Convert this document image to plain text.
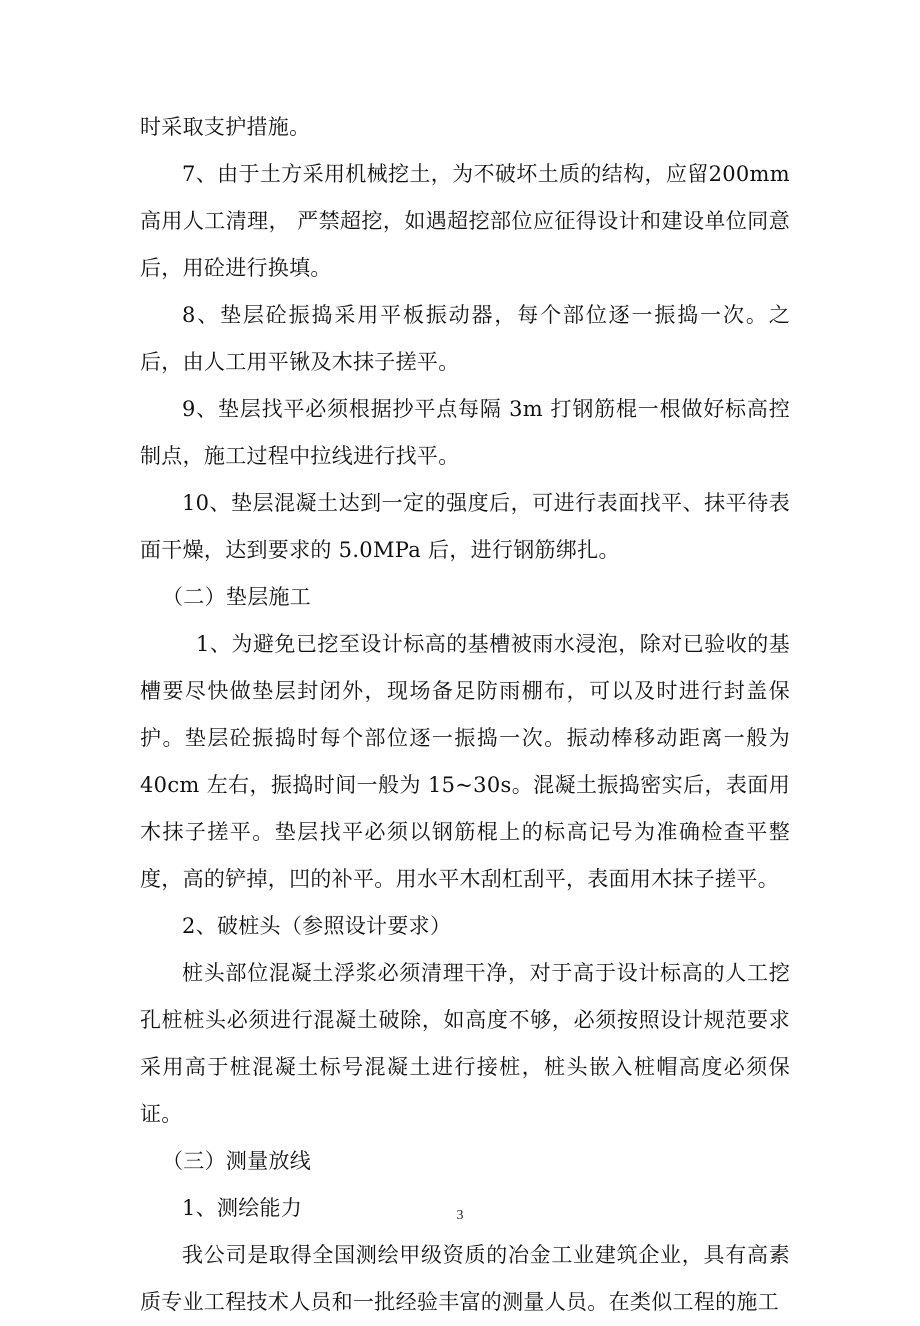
时采取支护措施。

7、由于土方采用机械挖土，为不破坏土质的结构，应留200mm高用人工清理， 严禁超挖，如遇超挖部位应征得设计和建设单位同意后，用砼进行换填。

8、垫层砼振捣采用平板振动器，每个部位逐一振捣一次。之后，由人工用平锹及木抹子搓平。

9、垫层找平必须根据抄平点每隔 3m 打钢筋棍一根做好标高控制点，施工过程中拉线进行找平。

10、垫层混凝土达到一定的强度后，可进行表面找平、抹平待表面干燥，达到要求的 5.0MPa 后，进行钢筋绑扎。

（二）垫层施工

1、为避免已挖至设计标高的基槽被雨水浸泡，除对已验收的基槽要尽快做垫层封闭外，现场备足防雨棚布，可以及时进行封盖保护。垫层砼振捣时每个部位逐一振捣一次。振动棒移动距离一般为40cm 左右，振捣时间一般为 15~30s。混凝土振捣密实后，表面用木抹子搓平。垫层找平必须以钢筋棍上的标高记号为准确检查平整度，高的铲掉，凹的补平。用水平木刮杠刮平，表面用木抹子搓平。

2、破桩头（参照设计要求）

桩头部位混凝土浮浆必须清理干净，对于高于设计标高的人工挖孔桩桩头必须进行混凝土破除，如高度不够，必须按照设计规范要求采用高于桩混凝土标号混凝土进行接桩，桩头嵌入桩帽高度必须保证。

（三）测量放线

1、测绘能力

我公司是取得全国测绘甲级资质的冶金工业建筑企业，具有高素质专业工程技术人员和一批经验丰富的测量人员。在类似工程的施工

3
